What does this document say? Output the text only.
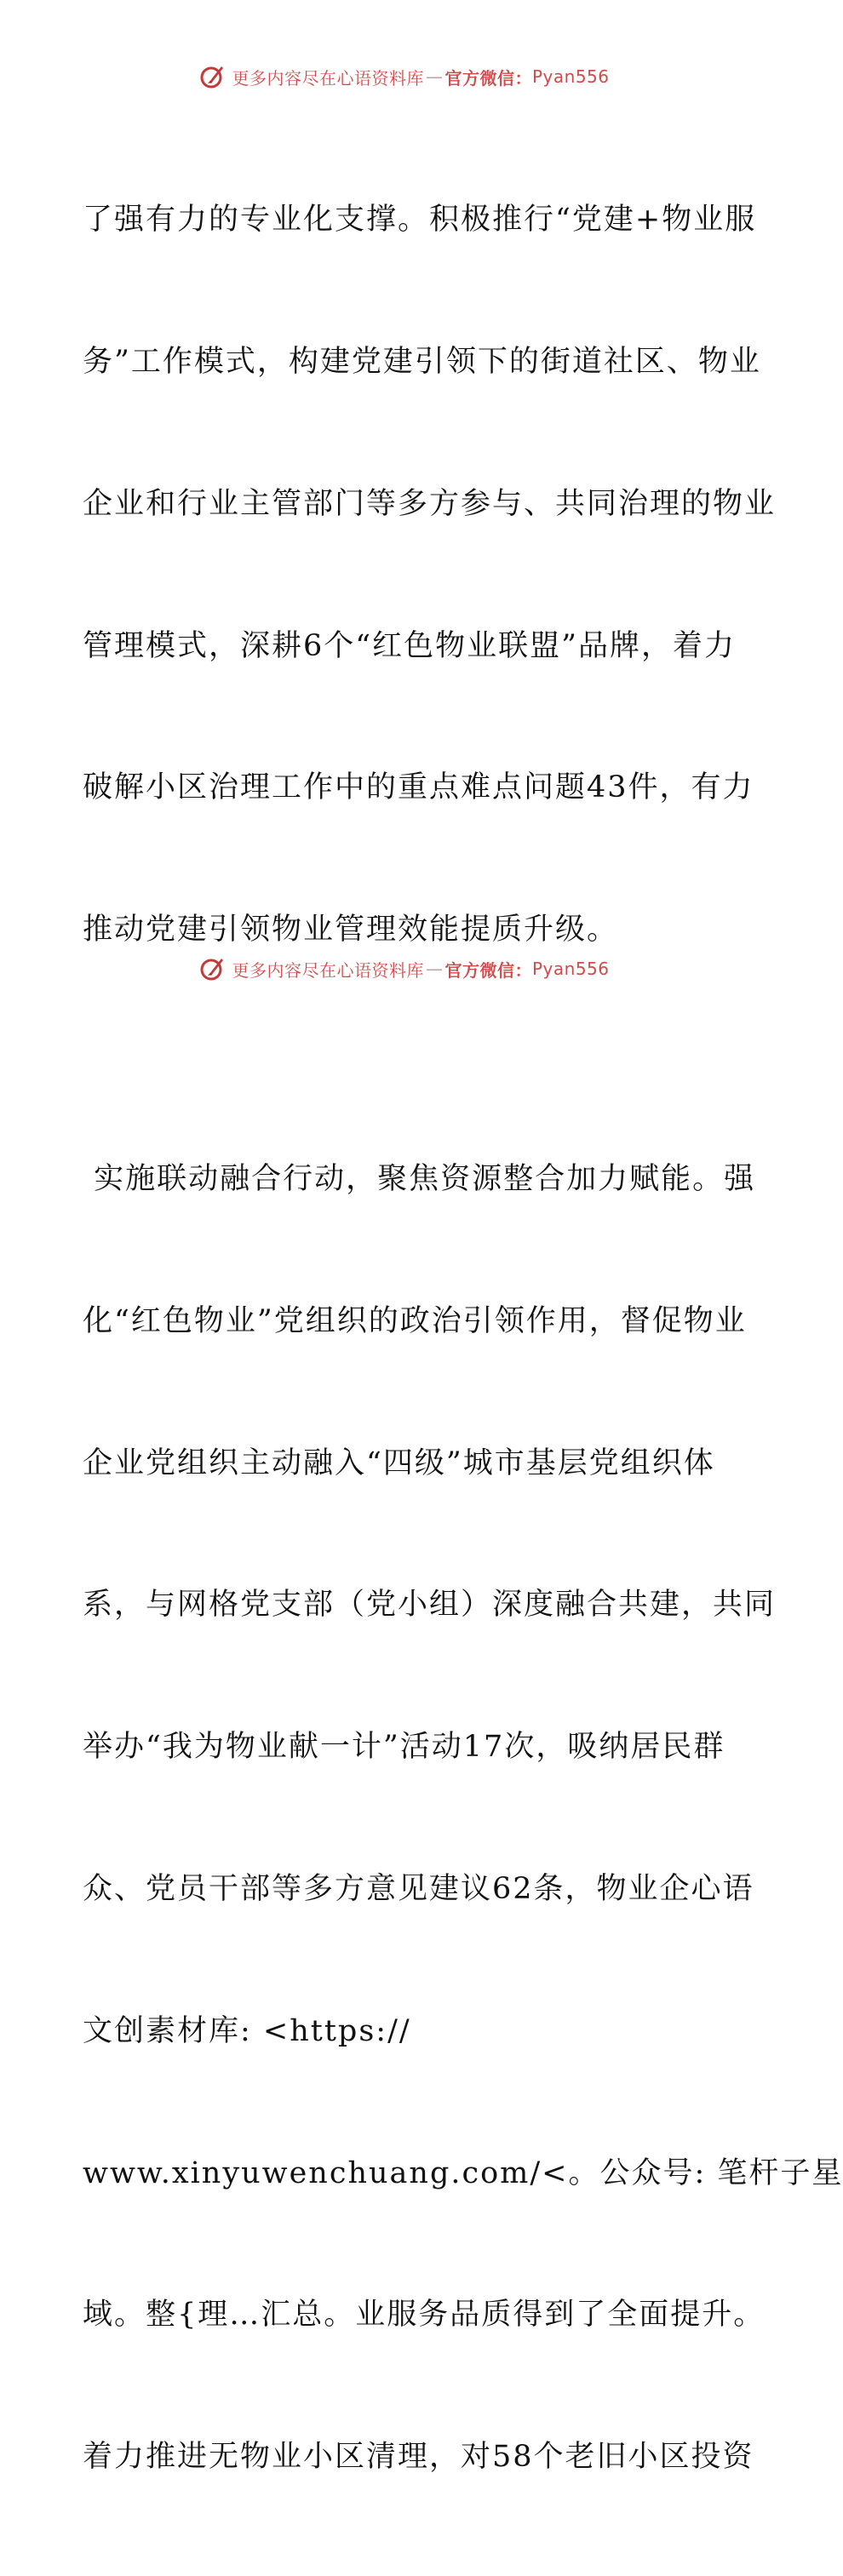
更多内容尽在心语资料库 — 官方微信： Pyan556

了强有力的专业化支撑。积极推行“党建+物业服

务”工作模式，构建党建引领下的街道社区、物业

企业和行业主管部门等多方参与、共同治理的物业

管理模式，深耕6个“红色物业联盟”品牌，着力

破解小区治理工作中的重点难点问题43件，有力

推动党建引领物业管理效能提质升级。

实施联动融合行动，聚焦资源整合加力赋能。强

化“红色物业”党组织的政治引领作用，督促物业

企业党组织主动融入“四级”城市基层党组织体

系，与网格党支部（党小组）深度融合共建，共同

举办“我为物业献一计”活动17次，吸纳居民群

众、党员干部等多方意见建议62条，物业企心语

文创素材库: <https://

www.xinyuwenchuang.com/<。公众号: 笔杆子星

域。整{理…汇总。业服务品质得到了全面提升。

着力推进无物业小区清理，对58个老旧小区投资

更多内容尽在心语资料库 — 官方微信： Pyan556
